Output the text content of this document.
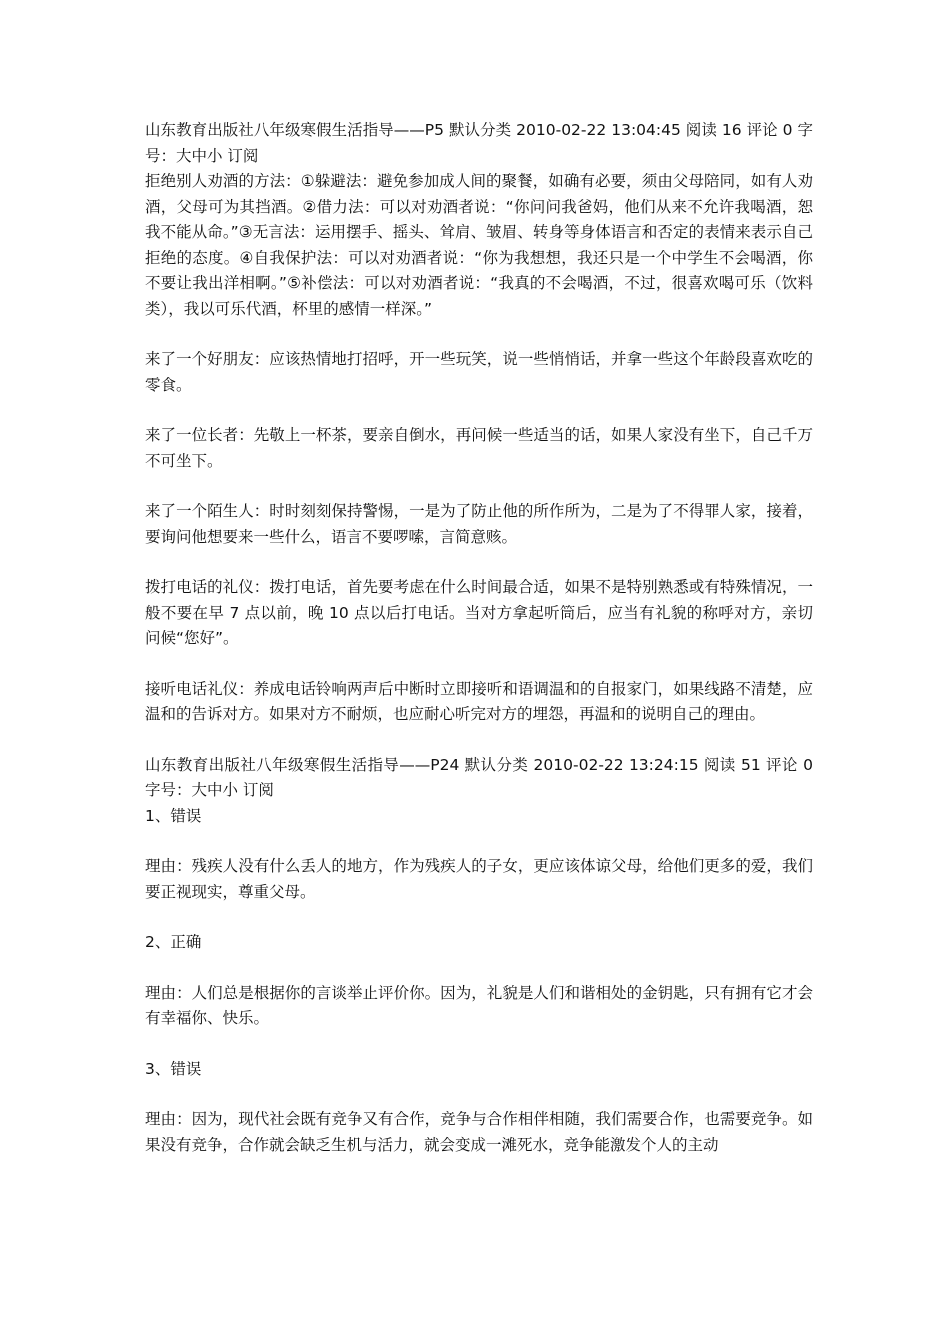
山东教育出版社八年级寒假生活指导——P5 默认分类 2010-02-22 13:04:45 阅读 16 评论 0 字号：大中小 订阅
拒绝别人劝酒的方法：①躲避法：避免参加成人间的聚餐，如确有必要，须由父母陪同，如有人劝酒，父母可为其挡酒。②借力法：可以对劝酒者说：“你问问我爸妈，他们从来不允许我喝酒，恕我不能从命。”③无言法：运用摆手、摇头、耸肩、皱眉、转身等身体语言和否定的表情来表示自己拒绝的态度。④自我保护法：可以对劝酒者说：“你为我想想，我还只是一个中学生不会喝酒，你不要让我出洋相啊。”⑤补偿法：可以对劝酒者说：“我真的不会喝酒，不过，很喜欢喝可乐（饮料类），我以可乐代酒，杯里的感情一样深。”
来了一个好朋友：应该热情地打招呼，开一些玩笑，说一些悄悄话，并拿一些这个年龄段喜欢吃的零食。
来了一位长者：先敬上一杯茶，要亲自倒水，再问候一些适当的话，如果人家没有坐下，自己千万不可坐下。
来了一个陌生人：时时刻刻保持警惕，一是为了防止他的所作所为，二是为了不得罪人家，接着，要询问他想要来一些什么，语言不要啰嗦，言简意赅。
拨打电话的礼仪：拨打电话，首先要考虑在什么时间最合适，如果不是特别熟悉或有特殊情况，一般不要在早 7 点以前，晚 10 点以后打电话。当对方拿起听筒后，应当有礼貌的称呼对方，亲切问候“您好”。
接听电话礼仪：养成电话铃响两声后中断时立即接听和语调温和的自报家门，如果线路不清楚，应温和的告诉对方。如果对方不耐烦，也应耐心听完对方的埋怨，再温和的说明自己的理由。
山东教育出版社八年级寒假生活指导——P24 默认分类 2010-02-22 13:24:15 阅读 51 评论 0 字号：大中小 订阅
1、错误
理由：残疾人没有什么丢人的地方，作为残疾人的子女，更应该体谅父母，给他们更多的爱，我们要正视现实，尊重父母。
2、正确
理由：人们总是根据你的言谈举止评价你。因为，礼貌是人们和谐相处的金钥匙，只有拥有它才会有幸福你、快乐。
3、错误
理由：因为，现代社会既有竞争又有合作，竞争与合作相伴相随，我们需要合作，也需要竞争。如果没有竞争，合作就会缺乏生机与活力，就会变成一滩死水，竞争能激发个人的主动
